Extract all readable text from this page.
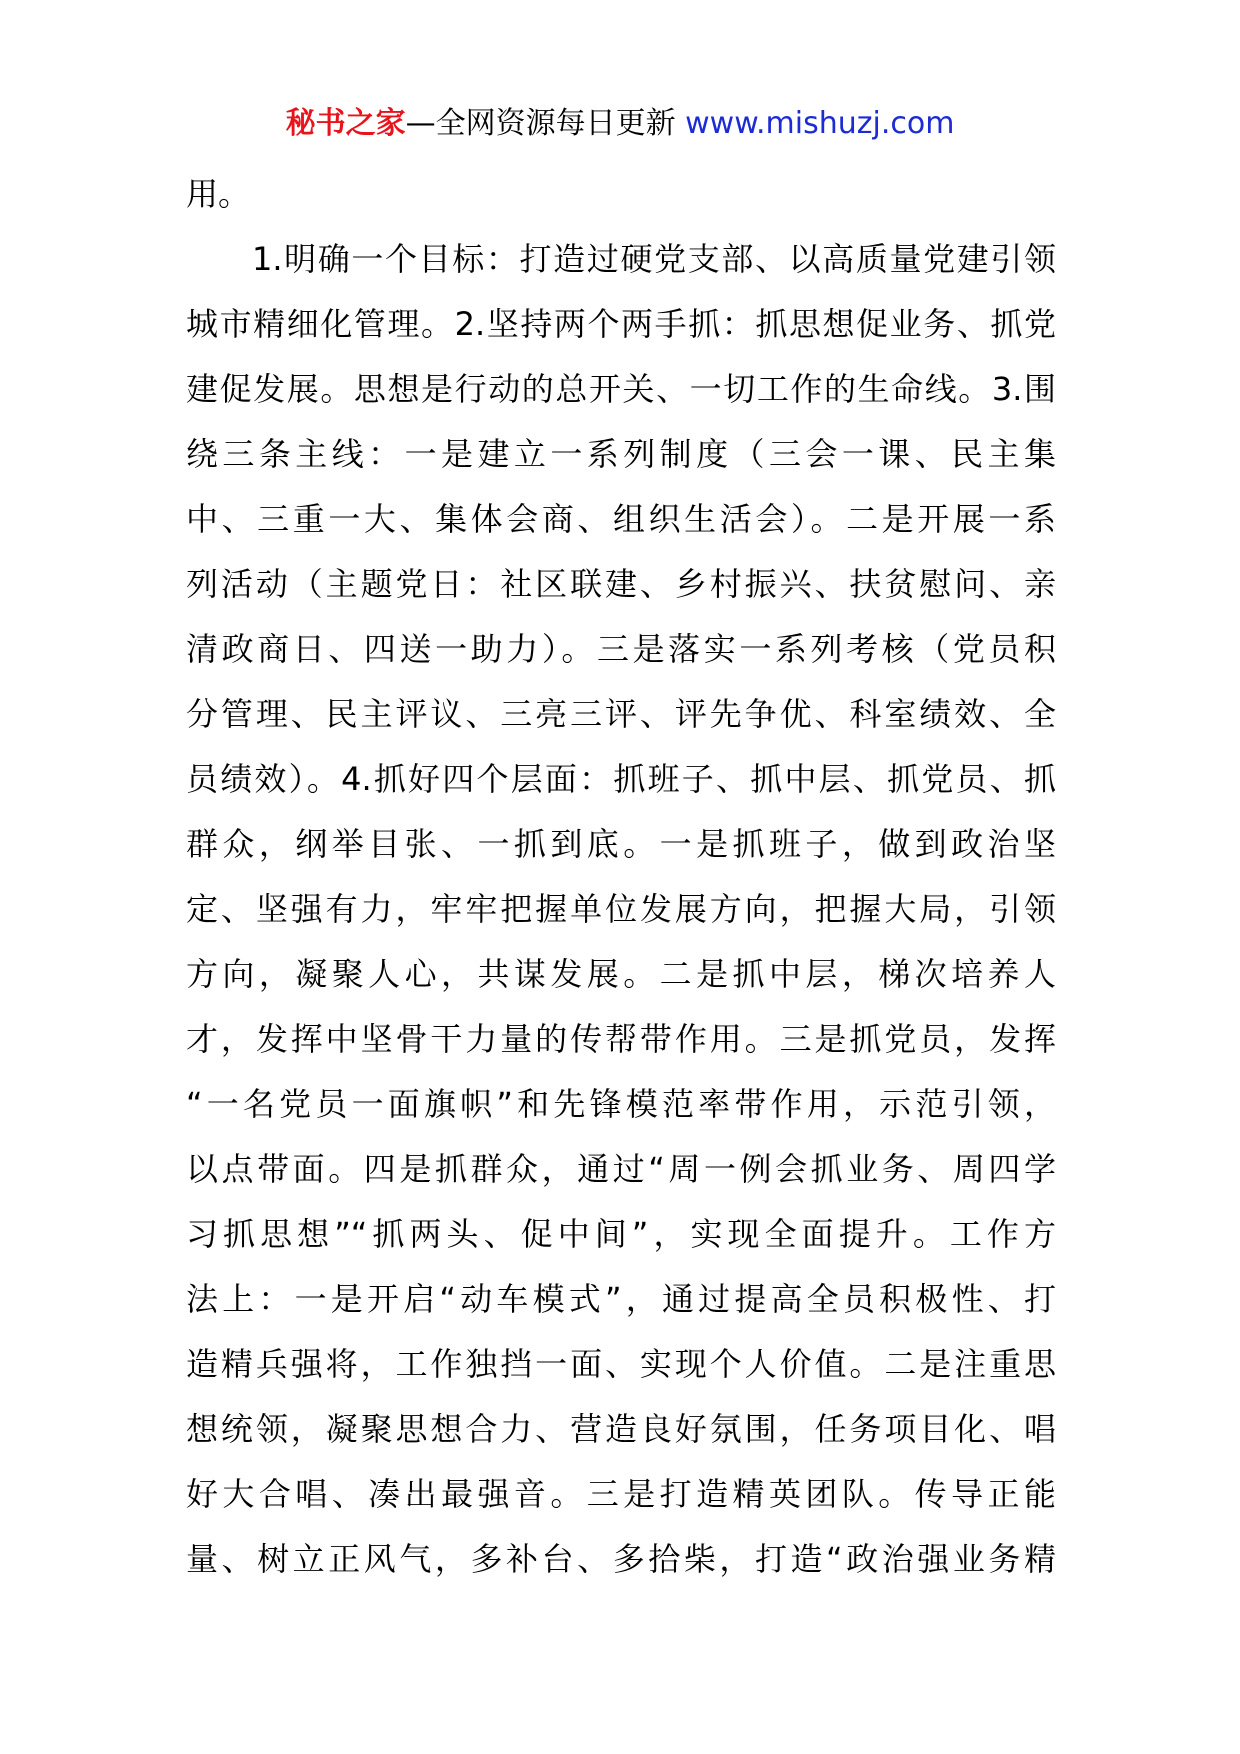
秘书之家—全网资源每日更新 www.mishuzj.com
用。
1.明确一个目标：打造过硬党支部、以高质量党建引领
城市精细化管理。2.坚持两个两手抓：抓思想促业务、抓党
建促发展。思想是行动的总开关、一切工作的生命线。3.围
绕三条主线：一是建立一系列制度（三会一课、民主集
中、三重一大、集体会商、组织生活会）。二是开展一系
列活动（主题党日：社区联建、乡村振兴、扶贫慰问、亲
清政商日、四送一助力）。三是落实一系列考核（党员积
分管理、民主评议、三亮三评、评先争优、科室绩效、全
员绩效）。4.抓好四个层面：抓班子、抓中层、抓党员、抓
群众，纲举目张、一抓到底。一是抓班子，做到政治坚
定、坚强有力，牢牢把握单位发展方向，把握大局，引领
方向，凝聚人心，共谋发展。二是抓中层，梯次培养人
才，发挥中坚骨干力量的传帮带作用。三是抓党员，发挥
“一名党员一面旗帜”和先锋模范率带作用，示范引领，
以点带面。四是抓群众，通过“周一例会抓业务、周四学
习抓思想”“抓两头、促中间”，实现全面提升。工作方
法上：一是开启“动车模式”，通过提高全员积极性、打
造精兵强将，工作独挡一面、实现个人价值。二是注重思
想统领，凝聚思想合力、营造良好氛围，任务项目化、唱
好大合唱、凑出最强音。三是打造精英团队。传导正能
量、树立正风气，多补台、多拾柴，打造“政治强业务精
